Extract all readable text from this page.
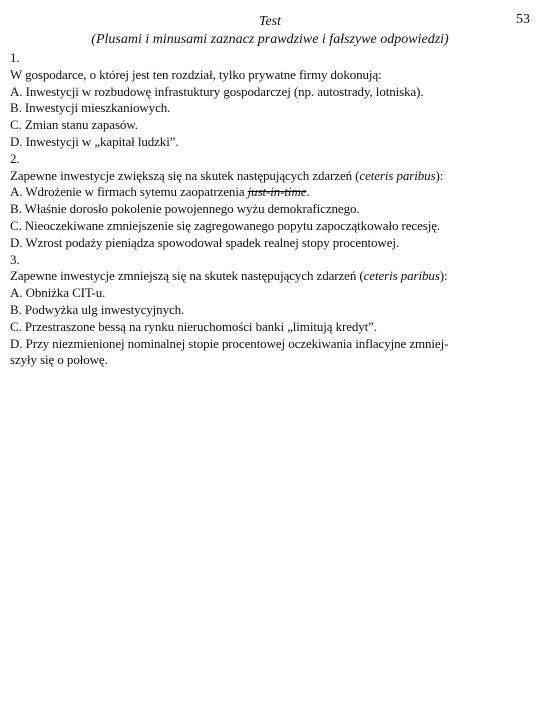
53
Test
(Plusami i minusami zaznacz prawdziwe i fałszywe odpowiedzi)
1.
W gospodarce, o której jest ten rozdział, tylko prywatne firmy dokonują:
A. Inwestycji w rozbudowę infrastuktury gospodarczej (np. autostrady, lotniska).
B. Inwestycji mieszkaniowych.
C. Zmian stanu zapasów.
D. Inwestycji w „kapitał ludzki”.
2.
Zapewne inwestycje zwiększą się na skutek następujących zdarzeń (ceteris paribus):
A. Wdrożenie w firmach sytemu zaopatrzenia just-in-time.
B. Właśnie dorosło pokolenie powojennego wyżu demokraficznego.
C. Nieoczekiwane zmniejszenie się zagregowanego popytu zapoczątkowało recesję.
D. Wzrost podaży pieniądza spowodował spadek realnej stopy procentowej.
3.
Zapewne inwestycje zmniejszą się na skutek następujących zdarzeń (ceteris paribus):
A. Obniżka CIT-u.
B. Podwyżka ulg inwestycyjnych.
C. Przestraszone bessą na rynku nieruchomości banki „limitują kredyt”.
D. Przy niezmienionej nominalnej stopie procentowej oczekiwania inflacyjne zmniej-
szyły się o połowę.
